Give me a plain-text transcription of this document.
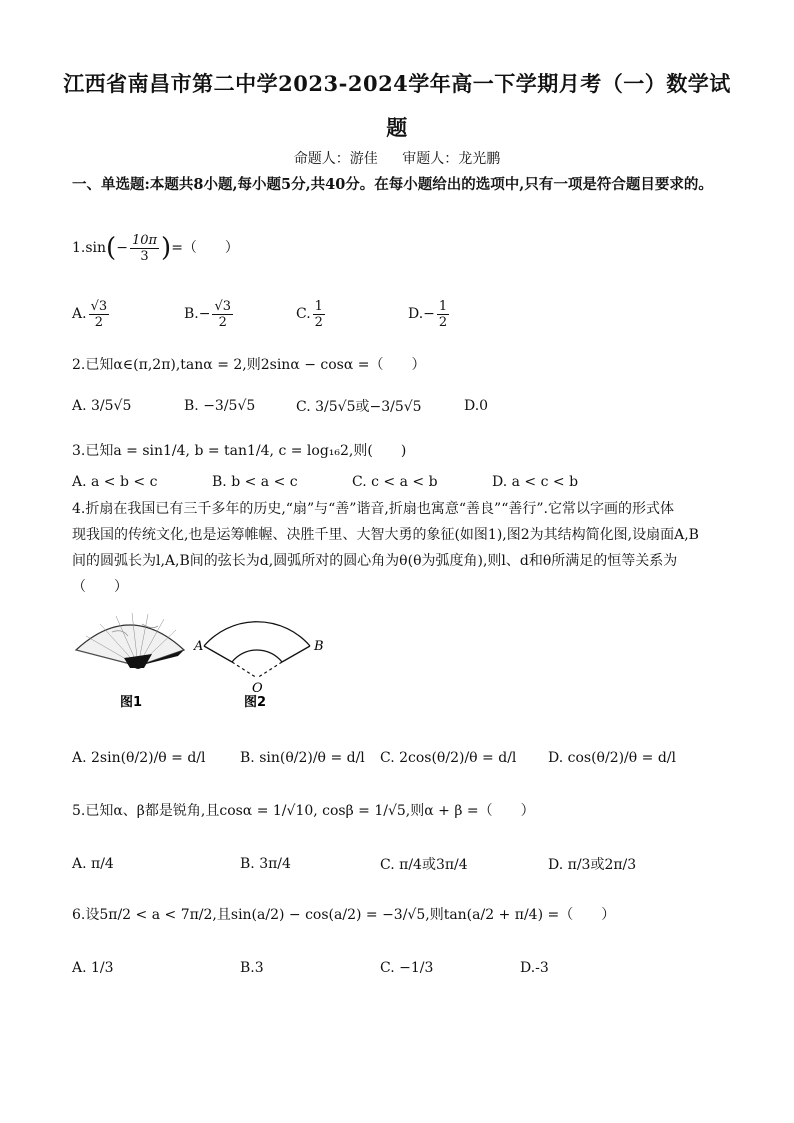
江西省南昌市第二中学2023-2024学年高一下学期月考（一）数学试
题
命题人：游佳 审题人：龙光鹏
一、单选题:本题共8小题,每小题5分,共40分。在每小题给出的选项中,只有一项是符合题目要求的。
1. sin ( − $\frac{10\pi}{3}$ ) =（　　）
A. $\frac{√3}{2}$	$B.- \frac{√3}{2}$	C. $\frac{1}{2}$	$D.- \frac{1}{2}$
2.已知α∈(π,2π),tanα = 2,则2sinα − cosα =（　　）
A. 3/5√5	B. −3/5√5	C. 3/5√5或−3/5√5	D.0
3.已知a = sin1/4, b = tan1/4, c = log₁₆2,则(　　)
A. a < b < c	B. b < a < c	C. c < a < b	D. a < c < b
4.折扇在我国已有三千多年的历史,“扇”与“善”谐音,折扇也寓意“善良”“善行”.它常以字画的形式体
现我国的传统文化,也是运筹帷幄、决胜千里、大智大勇的象征(如图1),图2为其结构简化图,设扇面A,B
间的圆弧长为l,A,B间的弦长为d,圆弧所对的圆心角为θ(θ为弧度角),则l、d和θ所满足的恒等关系为
（　　）
A	B
O
图1	图2
A. 2sin(θ/2)/θ = d/l B. sin(θ/2)/θ = d/l C. 2cos(θ/2)/θ = d/l D. cos(θ/2)/θ = d/l
5.已知α、β都是锐角,且cosα = 1/√10, cosβ = 1/√5,则α + β =（　　）
A. π/4	B. 3π/4	C. π/4或3π/4	D. π/3或2π/3
6.设5π/2 < a < 7π/2,且sin(a/2) − cos(a/2) = −3/√5,则tan(a/2 + π/4) =（　　）
A. 1/3	B.3	C. −1/3	D.-3
